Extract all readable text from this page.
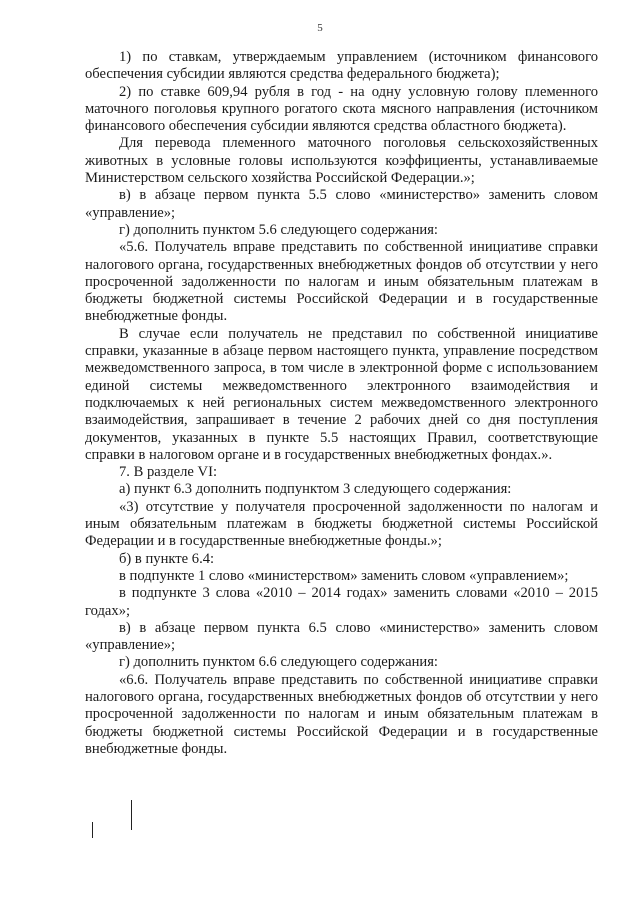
5

1) по ставкам, утверждаемым управлением (источником финансового обеспечения субсидии являются средства федерального бюджета);

2) по ставке 609,94 рубля в год - на одну условную голову племенного маточного поголовья крупного рогатого скота мясного направления (источником финансового обеспечения субсидии являются средства областного бюджета).

Для перевода племенного маточного поголовья сельскохозяйственных животных в условные головы используются коэффициенты, устанавливаемые Министерством сельского хозяйства Российской Федерации.»;

в) в абзаце первом пункта 5.5 слово «министерство» заменить словом «управление»;

г) дополнить пунктом 5.6 следующего содержания:

«5.6. Получатель вправе представить по собственной инициативе справки налогового органа, государственных внебюджетных фондов об отсутствии у него просроченной задолженности по налогам и иным обязательным платежам в бюджеты бюджетной системы Российской Федерации и в государственные внебюджетные фонды.

В случае если получатель не представил по собственной инициативе справки, указанные в абзаце первом настоящего пункта, управление посредством межведомственного запроса, в том числе в электронной форме с использованием единой системы межведомственного электронного взаимодействия и подключаемых к ней региональных систем межведомственного электронного взаимодействия, запрашивает в течение 2 рабочих дней со дня поступления документов, указанных в пункте 5.5 настоящих Правил, соответствующие справки в налоговом органе и в государственных внебюджетных фондах.».

7. В разделе VI:

а) пункт 6.3 дополнить подпунктом 3 следующего содержания:

«3) отсутствие у получателя просроченной задолженности по налогам и иным обязательным платежам в бюджеты бюджетной системы Российской Федерации и в государственные внебюджетные фонды.»;

б) в пункте 6.4:

в подпункте 1 слово «министерством» заменить словом «управлением»;

в подпункте 3 слова «2010 – 2014 годах» заменить словами «2010 – 2015 годах»;

в) в абзаце первом пункта 6.5 слово «министерство» заменить словом «управление»;

г) дополнить пунктом 6.6 следующего содержания:

«6.6. Получатель вправе представить по собственной инициативе справки налогового органа, государственных внебюджетных фондов об отсутствии у него просроченной задолженности по налогам и иным обязательным платежам в бюджеты бюджетной системы Российской Федерации и в государственные внебюджетные фонды.
